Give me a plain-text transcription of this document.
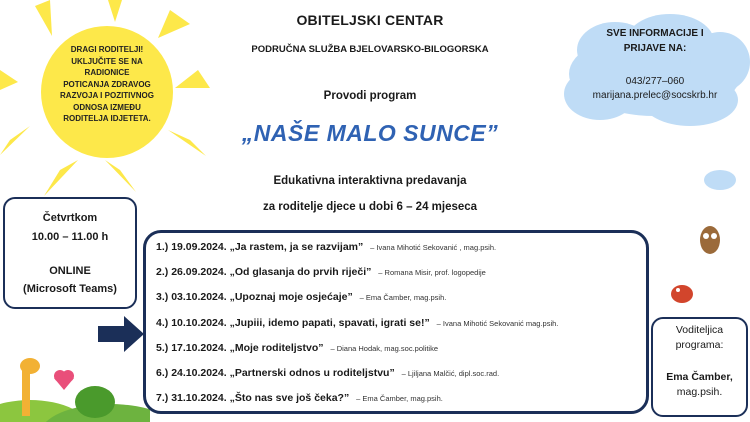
DRAGI RODITELJI!
UKLJUČITE SE NA
RADIONICE
POTICANJA ZDRAVOG
RAZVOJA I POZITIVNOG
ODNOSA IZMEĐU
RODITELJA IDJETETA.
OBITELJSKI CENTAR
PODRUČNA SLUŽBA BJELOVARSKO-BILOGORSKA
Provodi program
„NAŠE MALO SUNCE”
Edukativna interaktivna predavanja
za roditelje djece u dobi 6 – 24 mjeseca
SVE INFORMACIJE I
PRIJAVE NA:
043/277–060
marijana.prelec@socskrb.hr
Četvrtkom
10.00 – 11.00 h
ONLINE
(Microsoft Teams)
1.) 19.09.2024. „Ja rastem, ja se razvijam” – Ivana Mihotić Sekovanić , mag.psih.
2.) 26.09.2024. „Od glasanja do prvih riječi” – Romana Misir, prof. logopedije
3.) 03.10.2024. „Upoznaj moje osjećaje” – Ema Čamber, mag.psih.
4.) 10.10.2024. „Jupiii, idemo papati, spavati, igrati se!” – Ivana Mihotić Sekovanić mag.psih.
5.) 17.10.2024. „Moje roditeljstvo” – Diana Hodak, mag.soc.politike
6.) 24.10.2024. „Partnerski odnos u roditeljstvu” – Ljiljana Malčić, dipl.soc.rad.
7.) 31.10.2024. „Što nas sve još čeka?” – Ema Čamber, mag.psih.
Voditeljica
programa:
Ema Čamber,
mag.psih.
